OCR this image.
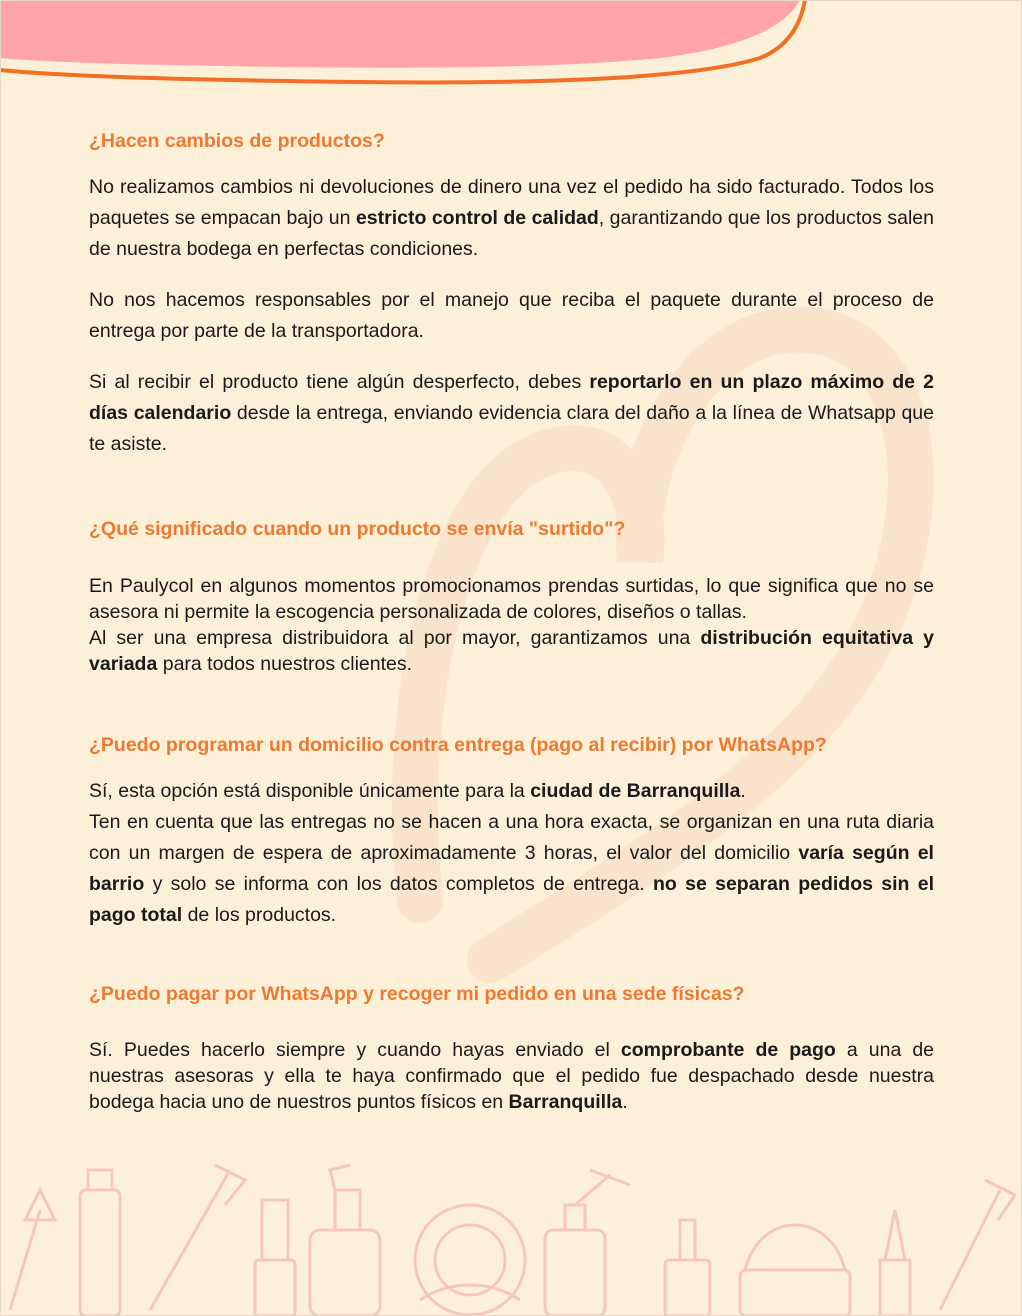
¿Hacen cambios de productos?

No realizamos cambios ni devoluciones de dinero una vez el pedido ha sido facturado. Todos los paquetes se empacan bajo un estricto control de calidad, garantizando que los productos salen de nuestra bodega en perfectas condiciones.

No nos hacemos responsables por el manejo que reciba el paquete durante el proceso de entrega por parte de la transportadora.

Si al recibir el producto tiene algún desperfecto, debes reportarlo en un plazo máximo de 2 días calendario desde la entrega, enviando evidencia clara del daño a la línea de Whatsapp que te asiste.

¿Qué significado cuando un producto se envía "surtido"?

En Paulycol en algunos momentos promocionamos prendas surtidas, lo que significa que no se asesora ni permite la escogencia personalizada de colores, diseños o tallas.

Al ser una empresa distribuidora al por mayor, garantizamos una distribución equitativa y variada para todos nuestros clientes.

¿Puedo programar un domicilio contra entrega (pago al recibir) por WhatsApp?

Sí, esta opción está disponible únicamente para la ciudad de Barranquilla.

Ten en cuenta que las entregas no se hacen a una hora exacta, se organizan en una ruta diaria con un margen de espera de aproximadamente 3 horas, el valor del domicilio varía según el barrio y solo se informa con los datos completos de entrega. no se separan pedidos sin el pago total de los productos.

¿Puedo pagar por WhatsApp y recoger mi pedido en una sede físicas?

Sí. Puedes hacerlo siempre y cuando hayas enviado el comprobante de pago a una de nuestras asesoras y ella te haya confirmado que el pedido fue despachado desde nuestra bodega hacia uno de nuestros puntos físicos en Barranquilla.
